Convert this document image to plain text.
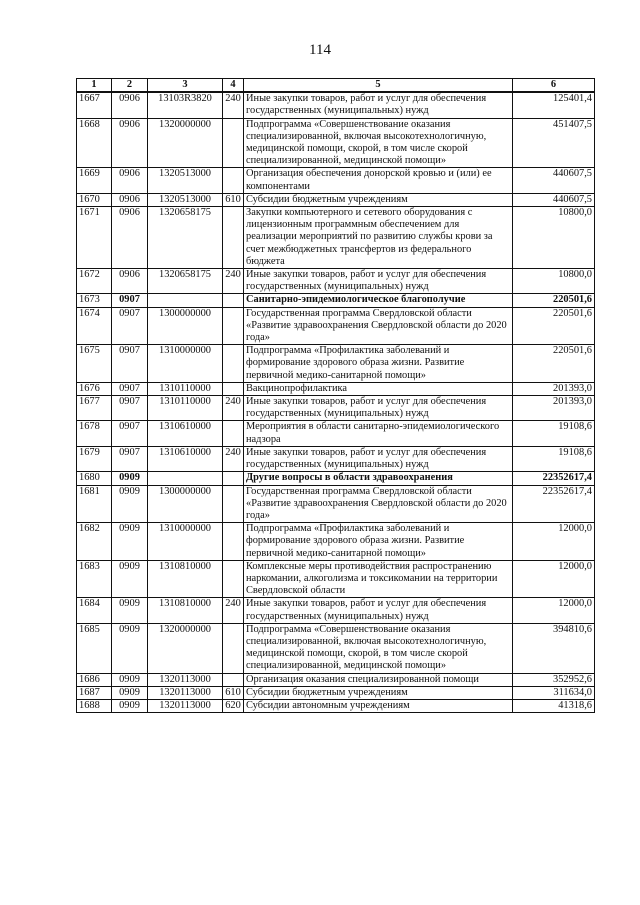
114
1	2	3	4	5	6
1667	0906	13103R3820	240	Иные закупки товаров, работ и услуг для обеспечения государственных (муниципальных) нужд	125401,4
1668	0906	1320000000		Подпрограмма «Совершенствование оказания специализированной, включая высокотехнологичную, медицинской помощи, скорой, в том числе скорой специализированной, медицинской помощи»	451407,5
1669	0906	1320513000		Организация обеспечения донорской кровью и (или) ее компонентами	440607,5
1670	0906	1320513000	610	Субсидии бюджетным учреждениям	440607,5
1671	0906	1320658175		Закупки компьютерного и сетевого оборудования с лицензионным программным обеспечением для реализации мероприятий по развитию службы крови за счет межбюджетных трансфертов из федерального бюджета	10800,0
1672	0906	1320658175	240	Иные закупки товаров, работ и услуг для обеспечения государственных (муниципальных) нужд	10800,0
1673	0907			Санитарно-эпидемиологическое благополучие	220501,6
1674	0907	1300000000		Государственная программа Свердловской области «Развитие здравоохранения Свердловской области до 2020 года»	220501,6
1675	0907	1310000000		Подпрограмма «Профилактика заболеваний и формирование здорового образа жизни. Развитие первичной медико-санитарной помощи»	220501,6
1676	0907	1310110000		Вакцинопрофилактика	201393,0
1677	0907	1310110000	240	Иные закупки товаров, работ и услуг для обеспечения государственных (муниципальных) нужд	201393,0
1678	0907	1310610000		Мероприятия в области санитарно-эпидемиологического надзора	19108,6
1679	0907	1310610000	240	Иные закупки товаров, работ и услуг для обеспечения государственных (муниципальных) нужд	19108,6
1680	0909			Другие вопросы в области здравоохранения	22352617,4
1681	0909	1300000000		Государственная программа Свердловской области «Развитие здравоохранения Свердловской области до 2020 года»	22352617,4
1682	0909	1310000000		Подпрограмма «Профилактика заболеваний и формирование здорового образа жизни. Развитие первичной медико-санитарной помощи»	12000,0
1683	0909	1310810000		Комплексные меры противодействия распространению наркомании, алкоголизма и токсикомании на территории Свердловской области	12000,0
1684	0909	1310810000	240	Иные закупки товаров, работ и услуг для обеспечения государственных (муниципальных) нужд	12000,0
1685	0909	1320000000		Подпрограмма «Совершенствование оказания специализированной, включая высокотехнологичную, медицинской помощи, скорой, в том числе скорой специализированной, медицинской помощи»	394810,6
1686	0909	1320113000		Организация оказания специализированной помощи	352952,6
1687	0909	1320113000	610	Субсидии бюджетным учреждениям	311634,0
1688	0909	1320113000	620	Субсидии автономным учреждениям	41318,6
